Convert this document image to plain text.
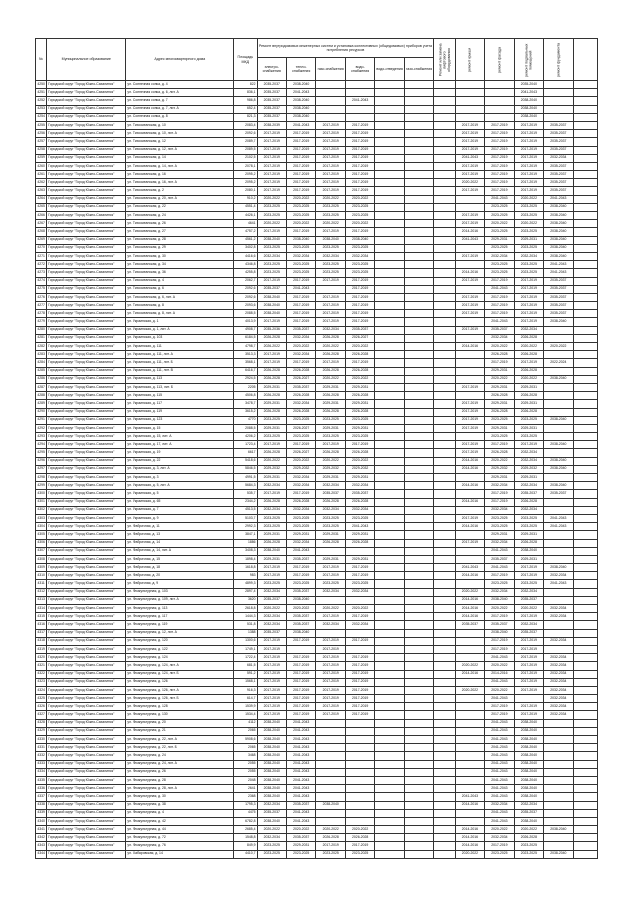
№	Муниципальное образование	Адрес многоквартирного дома	Площадь МКД	Ремонт внутридомовых инженерных систем и установка коллективных (общедомовых) приборов учета потребления ресурсов						Ремонт или замена лифтового оборудования	ремонт крыши	ремонт фасада	ремонт подвальных помещений	ремонт фундамента	
				электро-снабжения	тепло-снабжения	газо-снабжения	водо-снабжения	водо-отведения	газо-снабжения						
4250	Городской округ "Город Южно-Сахалинск"	ул. Солнечная сопка, д. 4	822	2035-2037	2038-2040								2035-2040		
4251	Городской округ "Город Южно-Сахалинск"	ул. Солнечная сопка, д. 6, лит. А	836,1	2035-2037	2041-2043								2041-2043		
4252	Городской округ "Город Южно-Сахалинск"	ул. Солнечная сопка, д. 7	986,8	2035-2037	2038-2040		2041-2043						2038-2040		
4253	Городской округ "Город Южно-Сахалинск"	ул. Солнечная сопка, д. 7, лит. А	652,4	2035-2037	2038-2040								2038-2040		
4254	Городской округ "Город Южно-Сахалинск"	ул. Солнечная сопка, д. 8	821,3	2035-2037	2038-2040								2038-2040		
4255	Городской округ "Город Южно-Сахалинск"	ул. Тихоокеанская, д. 10	2083,4	2038-2039	2041-2043	2017-2019	2017-2019				2017-2019	2017-2019	2017-2019	2035-2037	
4256	Городской округ "Город Южно-Сахалинск"	ул. Тихоокеанская, д. 10, лит. А	2092,6	2017-2019	2017-2019	2017-2019	2017-2019				2017-2019	2017-2019	2017-2019	2035-2037	
4257	Городской округ "Город Южно-Сахалинск"	ул. Тихоокеанская, д. 12	2089,7	2017-2019	2017-2019	2017-2019	2017-2019				2017-2019	2017-2019	2017-2019	2035-2037	
4258	Городской округ "Город Южно-Сахалинск"	ул. Тихоокеанская, д. 12, лит. А	2089,5	2017-2019	2017-2019	2017-2019	2017-2019				2017-2019	2017-2019	2017-2019	2035-2037	
4259	Городской округ "Город Южно-Сахалинск"	ул. Тихоокеанская, д. 14	2102,5	2017-2019	2017-2019	2017-2019	2017-2019				2041-2043	2017-2019	2017-2019	2032-2034	
4260	Городской округ "Город Южно-Сахалинск"	ул. Тихоокеанская, д. 14, лит. А	2078,1	2017-2019	2017-2019	2017-2019	2017-2019				2017-2019	2017-2019	2017-2019	2035-2037	
4261	Городской округ "Город Южно-Сахалинск"	ул. Тихоокеанская, д. 16	2095,2	2017-2019	2017-2019	2017-2019	2017-2019				2017-2019	2017-2019	2017-2019	2035-2037	
4262	Городской округ "Город Южно-Сахалинск"	ул. Тихоокеанская, д. 16, лит. А	2095,2	2017-2019	2017-2019	2017-2019	2017-2019				2020-2022	2017-2019	2017-2019	2035-2037	
4263	Городской округ "Город Южно-Сахалинск"	ул. Тихоокеанская, д. 2	2080,1	2017-2019	2017-2019	2017-2019	2017-2019				2017-2019	2017-2019	2017-2019	2035-2037	
4264	Городской округ "Город Южно-Сахалинск"	ул. Тихоокеанская, д. 20, лит. А	910,2	2020-2022	2020-2022	2020-2022	2020-2022					2041-2043	2020-2022	2041-2043	
4265	Городской округ "Город Южно-Сахалинск"	ул. Тихоокеанская, д. 22	4551,4	2023-2025	2023-2025	2023-2025	2023-2025					2023-2025	2023-2025	2038-2040	
4266	Городской округ "Город Южно-Сахалинск"	ул. Тихоокеанская, д. 24	4426,1	2023-2025	2023-2025	2023-2025	2023-2025				2017-2019	2023-2025	2023-2025	2038-2040	
4267	Городской округ "Город Южно-Сахалинск"	ул. Тихоокеанская, д. 26	4641	2020-2022	2020-2022	2020-2022	2020-2022				2017-2019	2020-2022	2020-2022	2038-2040	
4268	Городской округ "Город Южно-Сахалинск"	ул. Тихоокеанская, д. 27	4757,2	2017-2019	2017-2019	2017-2019	2017-2019				2014-2016	2023-2025	2023-2025	2038-2040	
4269	Городской округ "Город Южно-Сахалинск"	ул. Тихоокеанская, д. 28	4561,2	2038-2040	2038-2040	2038-2040	2038-2040				2041-2043	2029-2031	2029-2031	2038-2040	
4270	Городской округ "Город Южно-Сахалинск"	ул. Тихоокеанская, д. 29	3402,8	2023-2025	2023-2025	2023-2025	2023-2025					2023-2025	2023-2025	2038-2040	
4271	Городской округ "Город Южно-Сахалинск"	ул. Тихоокеанская, д. 30	4416,6	2032-2034	2032-2034	2032-2034	2032-2034				2017-2019	2032-2034	2032-2034	2038-2040	
4272	Городской округ "Город Южно-Сахалинск"	ул. Тихоокеанская, д. 34	4346,8	2023-2025	2023-2025	2023-2025	2023-2025					2023-2025	2023-2025	2041-2043	
4273	Городской округ "Город Южно-Сахалинск"	ул. Тихоокеанская, д. 36	4255,8	2023-2025	2023-2025	2023-2025	2023-2025				2014-2016	2023-2025	2023-2025	2041-2043	
4274	Городской округ "Город Южно-Сахалинск"	ул. Тихоокеанская, д. 4	2062,7	2017-2019	2017-2019	2017-2019	2017-2019				2017-2019	2017-2019	2017-2019	2035-2037	
4275	Городской округ "Город Южно-Сахалинск"	ул. Тихоокеанская, д. 6	2092,6	2035-2037	2041-2043		2017-2019					2041-2043	2017-2019	2035-2037	
4276	Городской округ "Город Южно-Сахалинск"	ул. Тихоокеанская, д. 6, лит. А	2092,6	2038-2040	2017-2019	2017-2019	2017-2019				2017-2019	2017-2019	2017-2019	2035-2037	
4277	Городской округ "Город Южно-Сахалинск"	ул. Тихоокеанская, д. 8	2093,6	2038-2040	2017-2019	2017-2019	2017-2019				2017-2019	2017-2019	2017-2019	2035-2037	
4278	Городской округ "Город Южно-Сахалинск"	ул. Тихоокеанская, д. 8, лит. А	2088,5	2038-2040	2017-2019	2017-2019	2017-2019				2017-2019	2017-2019	2017-2019	2035-2037	
4279	Городской округ "Город Южно-Сахалинск"	ул. Украинская, д. 1	4013,9	2017-2019	2017-2019	2017-2019	2017-2019					2041-2043	2017-2019	2038-2040	
4280	Городской округ "Город Южно-Сахалинск"	ул. Украинская, д. 1, лит. А	4908,7	2035-2036	2035-2037	2032-2034	2035-2037				2017-2019	2035-2037	2032-2034		
4281	Городской округ "Город Южно-Сахалинск"	ул. Украинская, д. 103	6184,5	2026-2028	2032-2034	2026-2028	2026-2027					2032-2034	2026-2028		
4282	Городской округ "Город Южно-Сахалинск"	ул. Украинская, д. 111	4798,7	2026-2022	2020-2022	2020-2022	2020-2022				2014-2016	2020-2022	2020-2022	2020-2022	
4283	Городской округ "Город Южно-Сахалинск"	ул. Украинская, д. 111, лит. А	3513,3	2017-2019	2032-2034	2026-2028	2026-2028					2026-2028	2026-2028		
4284	Городской округ "Город Южно-Сахалинск"	ул. Украинская, д. 111, лит. Б	3568,1	2017-2019	2017-2019	2017-2019	2017-2019					2017-2019	2017-2019	2022-2024	
4285	Городской округ "Город Южно-Сахалинск"	ул. Украинская, д. 111, лит. В	6416,7	2026-2028	2026-2028	2026-2028	2026-2028					2029-2031	2026-2028		
4286	Городской округ "Город Южно-Сахалинск"	ул. Украинская, д. 113	2924,5	2026-2028	2026-2027	2020-2022	2020-2022					2020-2022	2020-2022	2038-2040	
4287	Городской округ "Город Южно-Сахалинск"	ул. Украинская, д. 113, лит. Б	2205	2029-2031	2035-2037	2029-2031	2029-2031				2017-2019	2029-2031	2029-2031		
4288	Городской округ "Город Южно-Сахалинск"	ул. Украинская, д. 115	4506,8	2026-2028	2026-2028	2026-2028	2026-2028					2026-2028	2026-2028		
4289	Городской округ "Город Южно-Сахалинск"	ул. Украинская, д. 117	3478,7	2029-2031	2032-2034	2029-2031	2029-2031				2017-2019	2029-2031	2029-2031		
4290	Городской округ "Город Южно-Сахалинск"	ул. Украинская, д. 119	3615,2	2026-2028	2026-2028	2026-2028	2026-2028				2017-2019	2026-2028	2026-2028		
4291	Городской округ "Город Южно-Сахалинск"	ул. Украинская, д. 123	4770	2023-2025	2023-2025	2023-2025	2023-2025				2017-2019	2023-2025	2023-2025	2038-2040	
4292	Городской округ "Город Южно-Сахалинск"	ул. Украинская, д. 15	2088,5	2029-2031	2026-2027	2029-2031	2029-2031				2017-2019	2029-2031	2029-2031		
4293	Городской округ "Город Южно-Сахалинск"	ул. Украинская, д. 15, лит. А	4206,2	2023-2025	2023-2025	2023-2025	2023-2025					2023-2025	2023-2025		
4294	Городской округ "Город Южно-Сахалинск"	ул. Украинская, д. 17, лит. А	1723,4	2017-2019	2017-2019	2017-2019	2017-2019				2017-2019	2017-2019	2017-2019	2038-2040	
4295	Городской округ "Город Южно-Сахалинск"	ул. Украинская, д. 19	6617	2026-2028	2026-2027	2026-2028	2026-2028				2017-2019	2026-2028	2032-2034		
4296	Городской округ "Город Южно-Сахалинск"	ул. Украинская, д. 22	5418,6	2020-2022	2020-2022	2020-2022	2020-2022				2014-2016	2020-2022	2032-2034	2038-2040	
4297	Городской округ "Город Южно-Сахалинск"	ул. Украинская, д. 3, лит. А	5846,5	2029-2032	2029-2032	2029-2032	2029-2032				2014-2016	2029-2032	2029-2032	2038-2040	
4298	Городской округ "Город Южно-Сахалинск"	ул. Украинская, д. 3	4991,5	2029-2031	2032-2034	2029-2031	2029-2031					2029-2031	2029-2031		
4299	Городской округ "Город Южно-Сахалинск"	ул. Украинская, д. 5, лит. А	5684,3	2032-2034	2032-2034	2032-2034	2032-2034				2014-2016	2032-2034	2032-2034	2038-2040	
4300	Городской округ "Город Южно-Сахалинск"	ул. Украинская, д. 5	535,7	2017-2019	2017-2019	2035-2037	2035-2037					2017-2019	2035-2037	2035-2037	
4301	Городской округ "Город Южно-Сахалинск"	ул. Украинская, д. 65	2344,2	2026-2028	2026-2028	2026-2028	2026-2028				2014-2016	2017-2019	2026-2028		
4302	Городской округ "Город Южно-Сахалинск"	ул. Украинская, д. 7	4513,5	2032-2034	2032-2034	2032-2034	2032-2034					2032-2034	2032-2034		
4303	Городской округ "Город Южно-Сахалинск"	ул. Украинская, д. 9	5103,7	2023-2025	2023-2025	2023-2025	2023-2025				2017-2019	2023-2025	2023-2025	2041-2043	
4304	Городской округ "Город Южно-Сахалинск"	ул. Фабричная, д. 11	2992,3	2023-2025	2023-2025	2023-2025	2041-2043				2014-2016	2023-2025	2023-2025	2041-2043	
4305	Городской округ "Город Южно-Сахалинск"	ул. Фабричная, д. 13	3847,1	2029-2031	2029-2031	2029-2031	2029-2031					2029-2031	2029-2031		
4306	Городской округ "Город Южно-Сахалинск"	ул. Фабричная, д. 14	1886	2026-2028	2032-2034	2026-2028	2026-2028				2017-2019	2032-2034	2026-2028		
4307	Городской округ "Город Южно-Сахалинск"	ул. Фабричная, д. 14, лит. А	3408,3	2038-2040	2041-2043							2041-2043	2038-2040		
4308	Городской округ "Город Южно-Сахалинск"	ул. Фабричная, д. 15	1898,4	2029-2031	2035-2037	2029-2031	2029-2031					2035-2037	2029-2031		
4309	Городской округ "Город Южно-Сахалинск"	ул. Фабричная, д. 18	1618,8	2017-2019	2017-2019	2017-2019	2017-2019				2041-2043	2041-2043	2017-2019	2038-2040	
4310	Городской округ "Город Южно-Сахалинск"	ул. Фабричная, д. 20	983	2017-2019	2017-2019	2017-2019	2017-2019				2014-2016	2017-2019	2017-2019	2032-2034	
4311	Городской округ "Город Южно-Сахалинск"	ул. Фабричная, д. 9	4899,3	2023-2025	2023-2025	2023-2025	2023-2025					2023-2025	2023-2025	2041-2043	
4312	Городской округ "Город Южно-Сахалинск"	ул. Физкультурная, д. 103	2897,4	2032-2034	2035-2037	2032-2034	2032-2034				2020-2022	2032-2034	2032-2034		
4313	Городской округ "Город Южно-Сахалинск"	ул. Физкультурная, д. 109, лит. А	3620	2035-2037	2038-2040						2014-2016	2038-2040	2035-2037		
4314	Городской округ "Город Южно-Сахалинск"	ул. Физкультурная, д. 113	2618,8	2020-2022	2020-2022	2020-2022	2020-2022				2014-2016	2020-2022	2020-2022	2032-2034	
4315	Городской округ "Город Южно-Сахалинск"	ул. Физкультурная, д. 117	1444,3	2032-2034	2035-2037	2017-2019	2017-2019				2014-2016	2017-2019	2017-2019	2032-2034	
4316	Городской округ "Город Южно-Сахалинск"	ул. Физкультурная, д. 119	531,8	2032-2034	2035-2037	2032-2034	2032-2034				2035-2037	2035-2037	2032-2034		
4317	Городской округ "Город Южно-Сахалинск"	ул. Физкультурная, д. 12, лит. А	1388	2035-2037	2038-2040							2038-2040	2035-2037		
4318	Городской округ "Город Южно-Сахалинск"	ул. Физкультурная, д. 120	1300,6	2017-2019	2017-2019	2017-2019	2017-2019					2017-2019	2017-2019	2032-2034	
4319	Городской округ "Город Южно-Сахалинск"	ул. Физкультурная, д. 122	1749,1	2017-2019		2017-2019						2017-2019	2017-2019		
4320	Городской округ "Город Южно-Сахалинск"	ул. Физкультурная, д. 124	1722,4	2017-2019	2017-2019	2017-2019	2017-2019					2041-2043	2017-2019	2032-2034	
4321	Городской округ "Город Южно-Сахалинск"	ул. Физкультурная, д. 124, лит. А	681,5	2017-2019	2017-2019	2017-2019	2017-2019				2020-2022	2020-2022	2017-2019	2032-2034	
4322	Городской округ "Город Южно-Сахалинск"	ул. Физкультурная, д. 124, лит. Б	591,2	2017-2019	2017-2019	2017-2019	2017-2019				2014-2016	2014-2016	2017-2019	2032-2034	
4323	Городской округ "Город Южно-Сахалинск"	ул. Физкультурная, д. 126	1568,1	2017-2019	2017-2019	2017-2019	2017-2019					2041-2043	2017-2019	2032-2034	
4324	Городской округ "Город Южно-Сахалинск"	ул. Физкультурная, д. 126, лит. А	916,3	2017-2019	2017-2019	2017-2019	2017-2019				2020-2022	2020-2022	2017-2019	2032-2034	
4325	Городской округ "Город Южно-Сахалинск"	ул. Физкультурная, д. 126, лит. Б	614,7	2017-2019	2017-2019	2017-2019	2017-2019					2041-2043		2032-2034	
4326	Городской округ "Город Южно-Сахалинск"	ул. Физкультурная, д. 128	1539,9	2017-2019	2017-2019	2017-2019	2017-2019					2017-2019	2017-2019	2032-2034	
4327	Городской округ "Город Южно-Сахалинск"	ул. Физкультурная, д. 130	1534,4	2017-2019	2017-2019	2017-2019	2017-2019					2017-2019	2017-2019	2032-2034	
4328	Городской округ "Город Южно-Сахалинск"	ул. Физкультурная, д. 20	4112	2038-2040	2041-2043							2041-2043	2038-2040		
4329	Городской округ "Город Южно-Сахалинск"	ул. Физкультурная, д. 21	2065	2038-2040	2041-2043							2041-2043	2038-2040		
4330	Городской округ "Город Южно-Сахалинск"	ул. Физкультурная, д. 22, лит. А	5908,6	2038-2040	2041-2043							2041-2043	2038-2040		
4331	Городской округ "Город Южно-Сахалинск"	ул. Физкультурная, д. 22, лит. Б	2065	2038-2040	2041-2043							2041-2043	2038-2040		
4332	Городской округ "Город Южно-Сахалинск"	ул. Физкультурная, д. 24	3468	2038-2040	2041-2043							2041-2043	2038-2040		
4333	Городской округ "Город Южно-Сахалинск"	ул. Физкультурная, д. 24, лит. А	2055	2038-2040	2041-2043							2041-2043	2038-2040		
4334	Городской округ "Город Южно-Сахалинск"	ул. Физкультурная, д. 26	2055	2038-2040	2041-2043							2041-2043	2038-2040		
4335	Городской округ "Город Южно-Сахалинск"	ул. Физкультурная, д. 28	2048	2038-2040	2041-2043							2041-2043	2038-2040		
4336	Городской округ "Город Южно-Сахалинск"	ул. Физкультурная, д. 28, лит. А	2641	2038-2040	2041-2043							2041-2043	2038-2040		
4337	Городской округ "Город Южно-Сахалинск"	ул. Физкультурная, д. 30	2368	2038-2040	2041-2043						2041-2043	2041-2043	2038-2040		
4338	Городской округ "Город Южно-Сахалинск"	ул. Физкультурная, д. 38	1795,3	2032-2034	2035-2037	2038-2040					2014-2016	2032-2034	2032-2034		
4339	Городской округ "Город Южно-Сахалинск"	ул. Физкультурная, д. 4	4475	2035-2037	2041-2043							2041-2043	2035-2037		
4340	Городской округ "Город Южно-Сахалинск"	ул. Физкультурная, д. 42	6782,8	2038-2040	2041-2043							2041-2043	2038-2040		
4341	Городской округ "Город Южно-Сахалинск"	ул. Физкультурная, д. 44	2685,4	2020-2022	2020-2022	2020-2022	2020-2022				2014-2016	2020-2022	2020-2022	2038-2040	
4342	Городской округ "Город Южно-Сахалинск"	ул. Физкультурная, д. 72	1548,8	2032-2034	2035-2037	2026-2028	2026-2028				2014-2016	2032-2034	2026-2028		
4343	Городской округ "Город Южно-Сахалинск"	ул. Физкультурная, д. 76	849,9	2023-2025	2029-2031	2017-2019	2017-2019				2014-2016	2017-2019	2023-2025		
4344	Городской округ "Город Южно-Сахалинск"	ул. Хабаровская, д. 14	4410,7	2023-2025	2023-2025	2023-2025	2023-2025				2020-2022	2023-2025	2023-2025	2038-2040	
